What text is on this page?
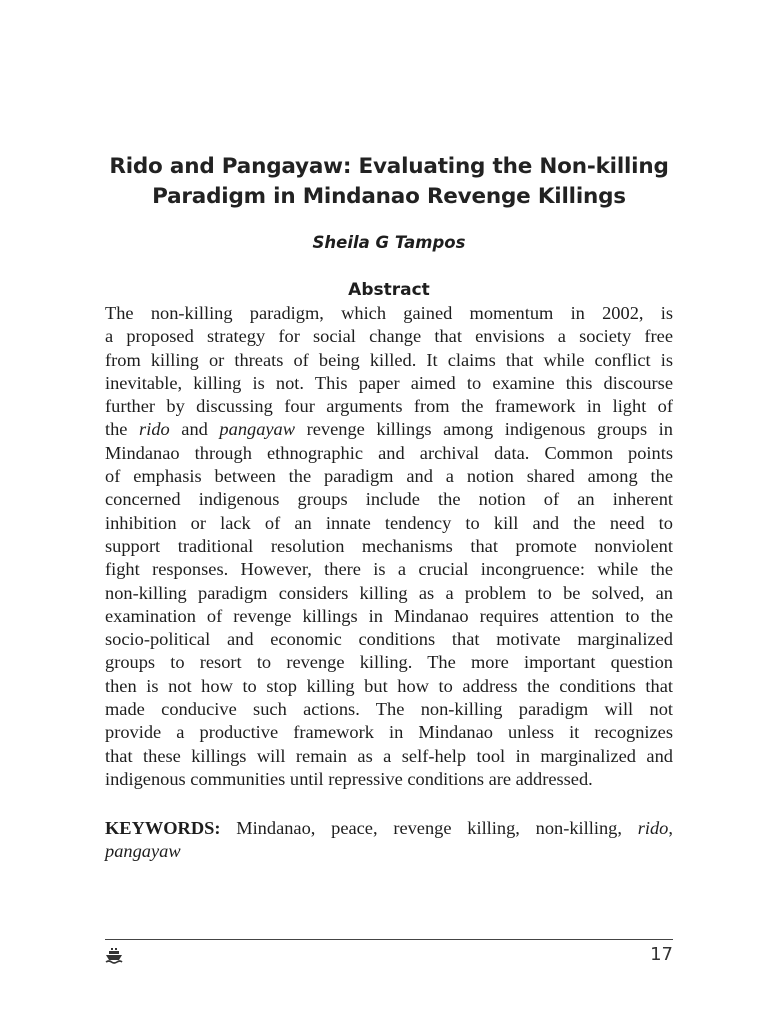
Rido and Pangayaw: Evaluating the Non-killing
Paradigm in Mindanao Revenge Killings

Sheila G Tampos

Abstract
The non-killing paradigm, which gained momentum in 2002, is
a proposed strategy for social change that envisions a society free
from killing or threats of being killed. It claims that while conflict is
inevitable, killing is not. This paper aimed to examine this discourse
further by discussing four arguments from the framework in light of
the rido and pangayaw revenge killings among indigenous groups in
Mindanao through ethnographic and archival data. Common points
of emphasis between the paradigm and a notion shared among the
concerned indigenous groups include the notion of an inherent
inhibition or lack of an innate tendency to kill and the need to
support traditional resolution mechanisms that promote nonviolent
fight responses. However, there is a crucial incongruence: while the
non-killing paradigm considers killing as a problem to be solved, an
examination of revenge killings in Mindanao requires attention to the
socio-political and economic conditions that motivate marginalized
groups to resort to revenge killing. The more important question
then is not how to stop killing but how to address the conditions that
made conducive such actions. The non-killing paradigm will not
provide a productive framework in Mindanao unless it recognizes
that these killings will remain as a self-help tool in marginalized and
indigenous communities until repressive conditions are addressed.
KEYWORDS: Mindanao, peace, revenge killing, non-killing, rido,
pangayaw

17
